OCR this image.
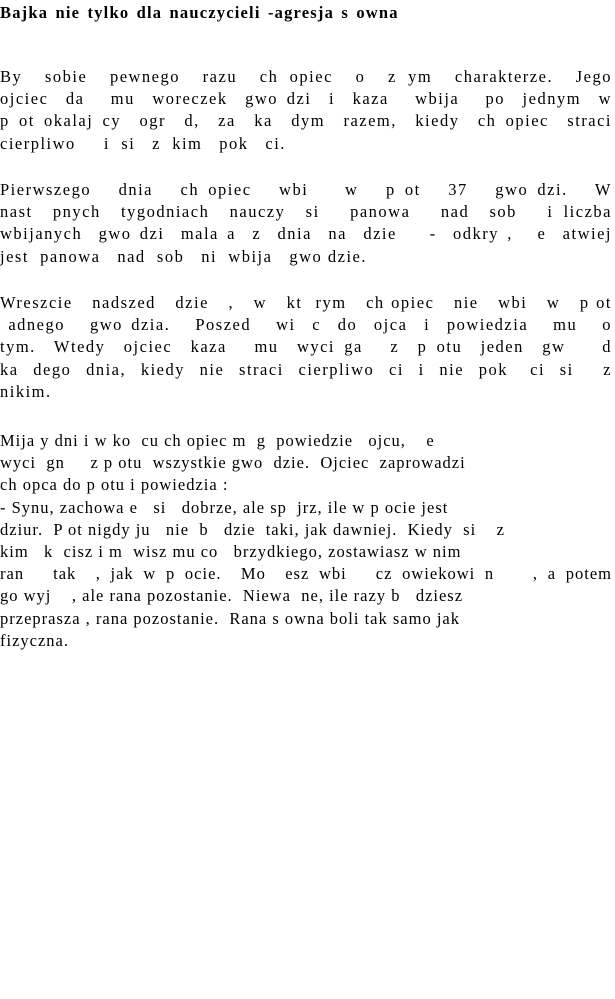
Bajka nie tylko dla nauczycieli -agresja s owna
By  sobie  pewnego  razu  ch opiec  o  z ym  charakterze.  Jego
ojciec  da   mu  woreczek  gwo dzi  i  kaza   wbija   po  jednym  w
p ot okalaj cy  ogr  d,  za  ka  dym  razem,  kiedy  ch opiec  straci
cierpliwo     i  si   z  kim   pok   ci.
Pierwszego   dnia   ch opiec   wbi    w   p ot   37   gwo dzi.   W
nast  pnych  tygodniach  nauczy  si   panowa   nad  sob   i liczba
wbijanych  gwo dzi  mala a  z  dnia  na  dzie    -  odkry ,   e  atwiej
jest  panowa   nad  sob   ni  wbija   gwo dzie.
Wreszcie   nadszed   dzie   ,   w   kt  rym   ch opiec   nie   wbi   w   p ot
adnego   gwo dzia.   Poszed   wi  c  do  ojca  i  powiedzia   mu   o
tym.  Wtedy  ojciec  kaza   mu  wyci ga   z  p otu  jeden  gw    d
ka  dego  dnia,  kiedy  nie  straci  cierpliwo  ci  i  nie  pok   ci  si    z
nikim.
Mija y dni i w ko  cu ch opiec m  g  powiedzie   ojcu,    e
wyci  gn     z p otu  wszystkie gwo  dzie.  Ojciec  zaprowadzi
ch opca do p otu i powiedzia :
- Synu, zachowa e   si   dobrze, ale sp  jrz, ile w p ocie jest
dziur.  P ot nigdy ju   nie  b   dzie  taki, jak dawniej.  Kiedy  si    z
kim   k  cisz i m  wisz mu co   brzydkiego, zostawiasz w nim
ran   tak  , jak w p ocie.  Mo  esz wbi   cz owiekowi n    , a potem
go wyj    , ale rana pozostanie.  Niewa  ne, ile razy b   dziesz
przeprasza , rana pozostanie.  Rana s owna boli tak samo jak
fizyczna.
